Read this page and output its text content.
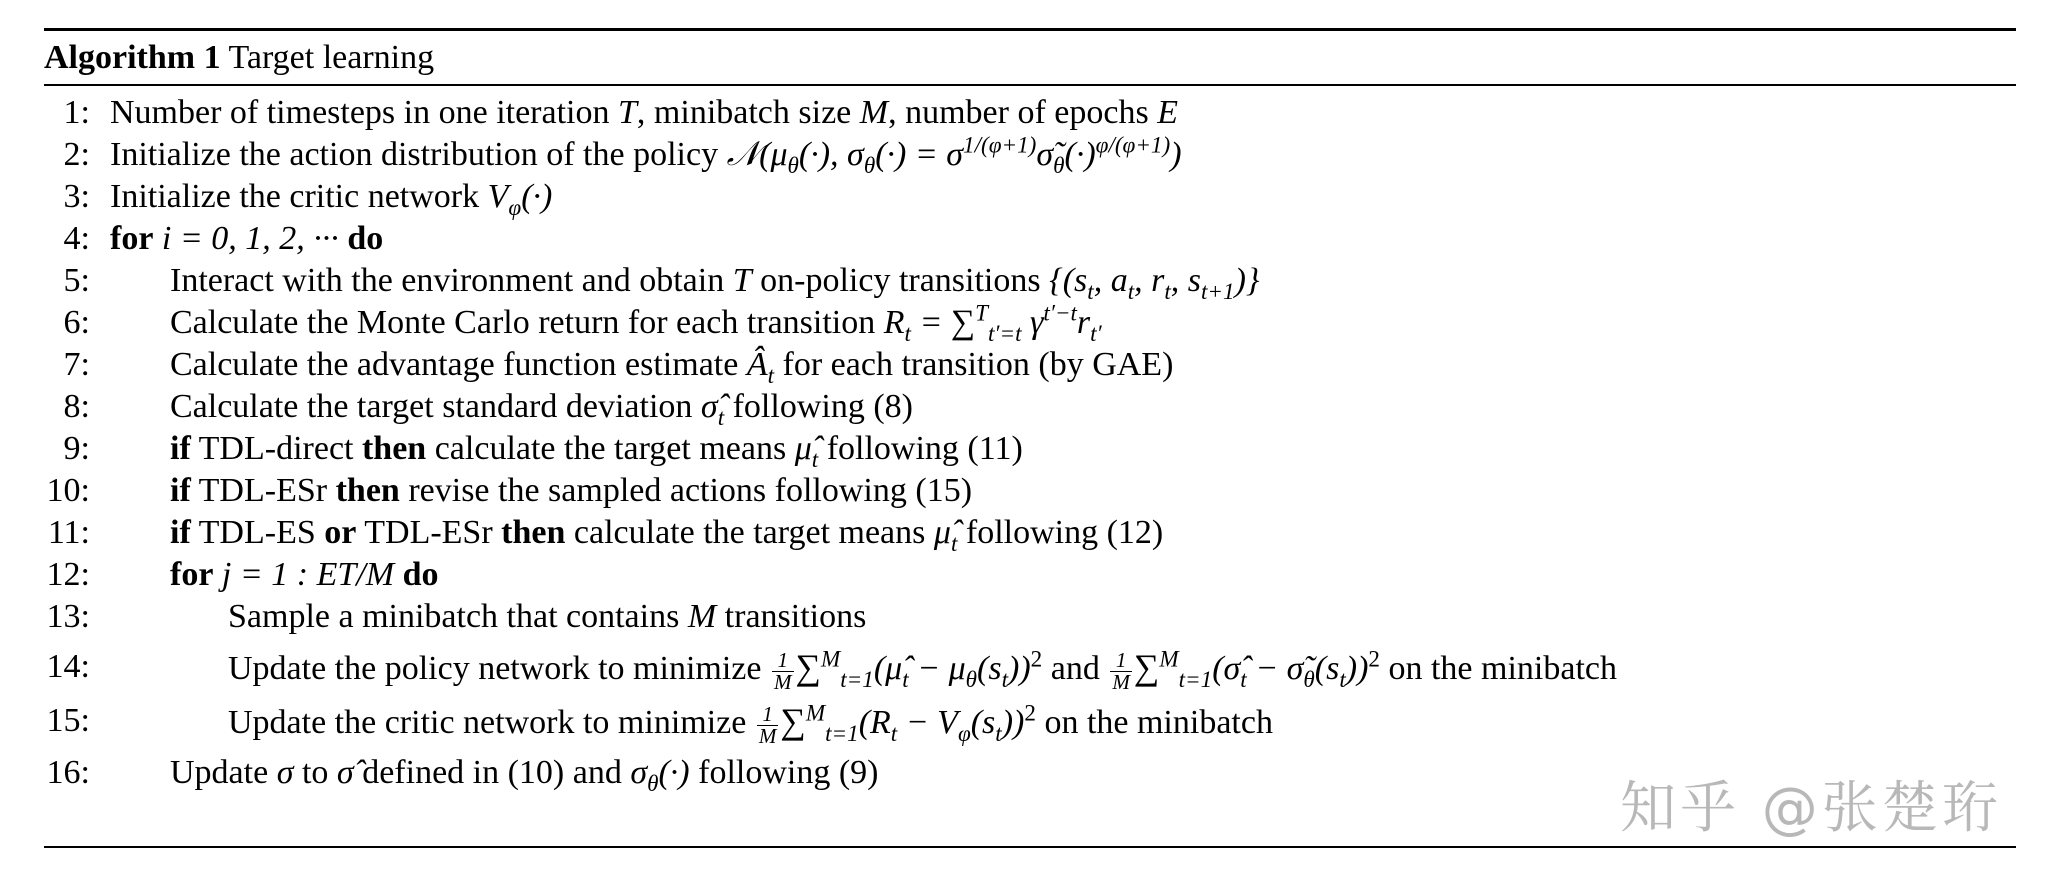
Algorithm 1 Target learning
1: Number of timesteps in one iteration T, minibatch size M, number of epochs E
2: Initialize the action distribution of the policy $𝒩(\mu_\theta(\cdot)$, $\sigma_\theta(\cdot)$ = $\sigma^{1/(\varphi+1)}\sigmã_\theta(\cdot)^{\varphi/(\varphi+1)}$)
3: Initialize the critic network $V_\varphi(\cdot)$
4: for i = 0, 1, 2, ··· do
5: Interact with the environment and obtain T on-policy transitions {($s_t$, $a_t$, $r_t$, $s_{t+1}$)}
6: Calculate the Monte Carlo return for each transition $R_t = \sum^T_{t'=t}$ $\gamma^{t'-t}r_{t'}$
7: Calculate the advantage function estimate $Â_t$ for each transition (by GAE)
8: Calculate the target standard deviation $\sigmâ_t$ following (8)
9: if TDL-direct then calculate the target means $\mû_t$ following (11)
10: if TDL-ESr then revise the sampled actions following (15)
11: if TDL-ES or TDL-ESr then calculate the target means $\mû_t$ following (12)
12: for j = 1 : ET/M do
13:	Sample a minibatch that contains M transitions
14:	Update the policy network to minimize $\frac{1}{M}$ $\sum^M_{t=1}(\mû_t - \mu_\theta(s_t))^2$ and $\frac{1}{M}$ $\sum^M_{t=1}(\sigmâ_t$ − $\sigmã_\theta(s_t))^2$ on the minibatch
15:	Update the critic network to minimize $\frac{1}{M} \sum^M_{t=1}(R_t - V_\varphi(s_t))^2$ on the minibatch
16: Update σ to σ̂ defined in (10) and $\sigma_\theta(\cdot)$ following (9)
知乎 @张楚珩
